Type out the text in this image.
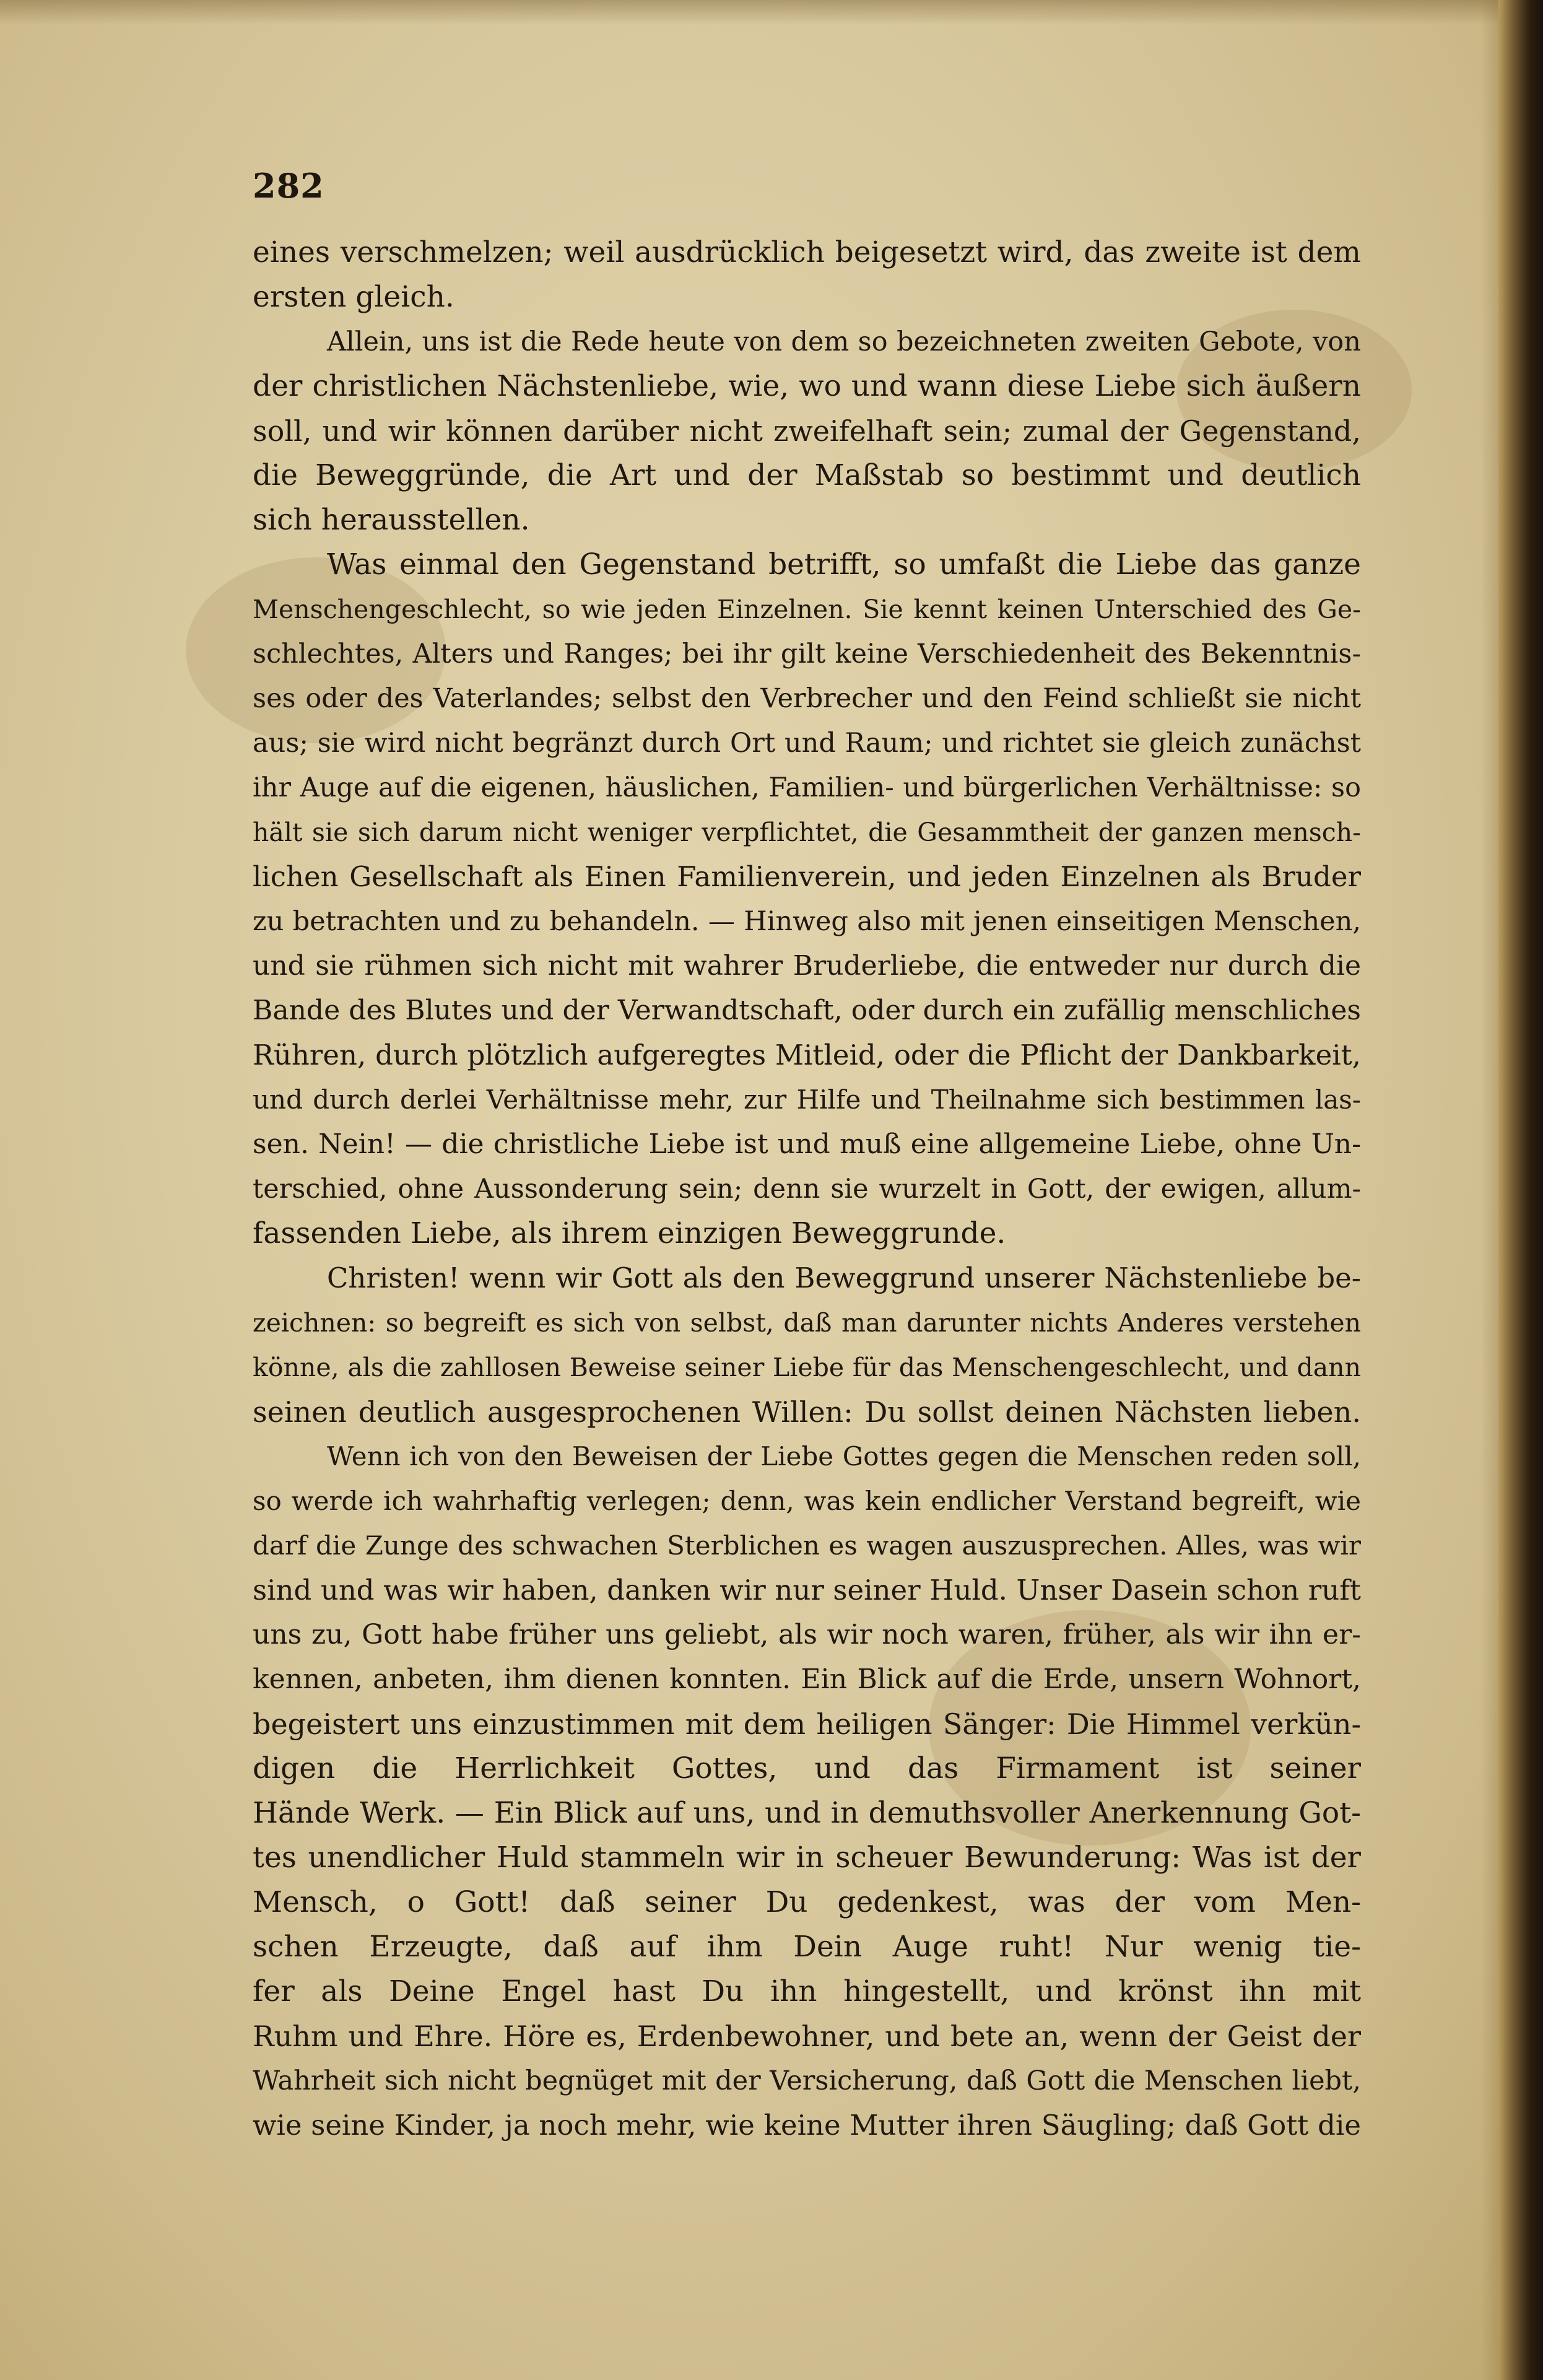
282
eines verschmelzen; weil ausdrücklich beigesetzt wird, das zweite ist dem
ersten gleich.
Allein, uns ist die Rede heute von dem so bezeichneten zweiten Gebote, von
der christlichen Nächstenliebe, wie, wo und wann diese Liebe sich äußern
soll, und wir können darüber nicht zweifelhaft sein; zumal der Gegenstand,
die Beweggründe, die Art und der Maßstab so bestimmt und deutlich
sich herausstellen.
Was einmal den Gegenstand betrifft, so umfaßt die Liebe das ganze
Menschengeschlecht, so wie jeden Einzelnen. Sie kennt keinen Unterschied des Ge-
schlechtes, Alters und Ranges; bei ihr gilt keine Verschiedenheit des Bekenntnis-
ses oder des Vaterlandes; selbst den Verbrecher und den Feind schließt sie nicht
aus; sie wird nicht begränzt durch Ort und Raum; und richtet sie gleich zunächst
ihr Auge auf die eigenen, häuslichen, Familien- und bürgerlichen Verhältnisse: so
hält sie sich darum nicht weniger verpflichtet, die Gesammtheit der ganzen mensch-
lichen Gesellschaft als Einen Familienverein, und jeden Einzelnen als Bruder
zu betrachten und zu behandeln. — Hinweg also mit jenen einseitigen Menschen,
und sie rühmen sich nicht mit wahrer Bruderliebe, die entweder nur durch die
Bande des Blutes und der Verwandtschaft, oder durch ein zufällig menschliches
Rühren, durch plötzlich aufgeregtes Mitleid, oder die Pflicht der Dankbarkeit,
und durch derlei Verhältnisse mehr, zur Hilfe und Theilnahme sich bestimmen las-
sen. Nein! — die christliche Liebe ist und muß eine allgemeine Liebe, ohne Un-
terschied, ohne Aussonderung sein; denn sie wurzelt in Gott, der ewigen, allum-
fassenden Liebe, als ihrem einzigen Beweggrunde.
Christen! wenn wir Gott als den Beweggrund unserer Nächstenliebe be-
zeichnen: so begreift es sich von selbst, daß man darunter nichts Anderes verstehen
könne, als die zahllosen Beweise seiner Liebe für das Menschengeschlecht, und dann
seinen deutlich ausgesprochenen Willen: Du sollst deinen Nächsten lieben.
Wenn ich von den Beweisen der Liebe Gottes gegen die Menschen reden soll,
so werde ich wahrhaftig verlegen; denn, was kein endlicher Verstand begreift, wie
darf die Zunge des schwachen Sterblichen es wagen auszusprechen. Alles, was wir
sind und was wir haben, danken wir nur seiner Huld. Unser Dasein schon ruft
uns zu, Gott habe früher uns geliebt, als wir noch waren, früher, als wir ihn er-
kennen, anbeten, ihm dienen konnten. Ein Blick auf die Erde, unsern Wohnort,
begeistert uns einzustimmen mit dem heiligen Sänger: Die Himmel verkün-
digen die Herrlichkeit Gottes, und das Firmament ist seiner
Hände Werk. — Ein Blick auf uns, und in demuthsvoller Anerkennung Got-
tes unendlicher Huld stammeln wir in scheuer Bewunderung: Was ist der
Mensch, o Gott! daß seiner Du gedenkest, was der vom Men-
schen Erzeugte, daß auf ihm Dein Auge ruht! Nur wenig tie-
fer als Deine Engel hast Du ihn hingestellt, und krönst ihn mit
Ruhm und Ehre. Höre es, Erdenbewohner, und bete an, wenn der Geist der
Wahrheit sich nicht begnüget mit der Versicherung, daß Gott die Menschen liebt,
wie seine Kinder, ja noch mehr, wie keine Mutter ihren Säugling; daß Gott die
